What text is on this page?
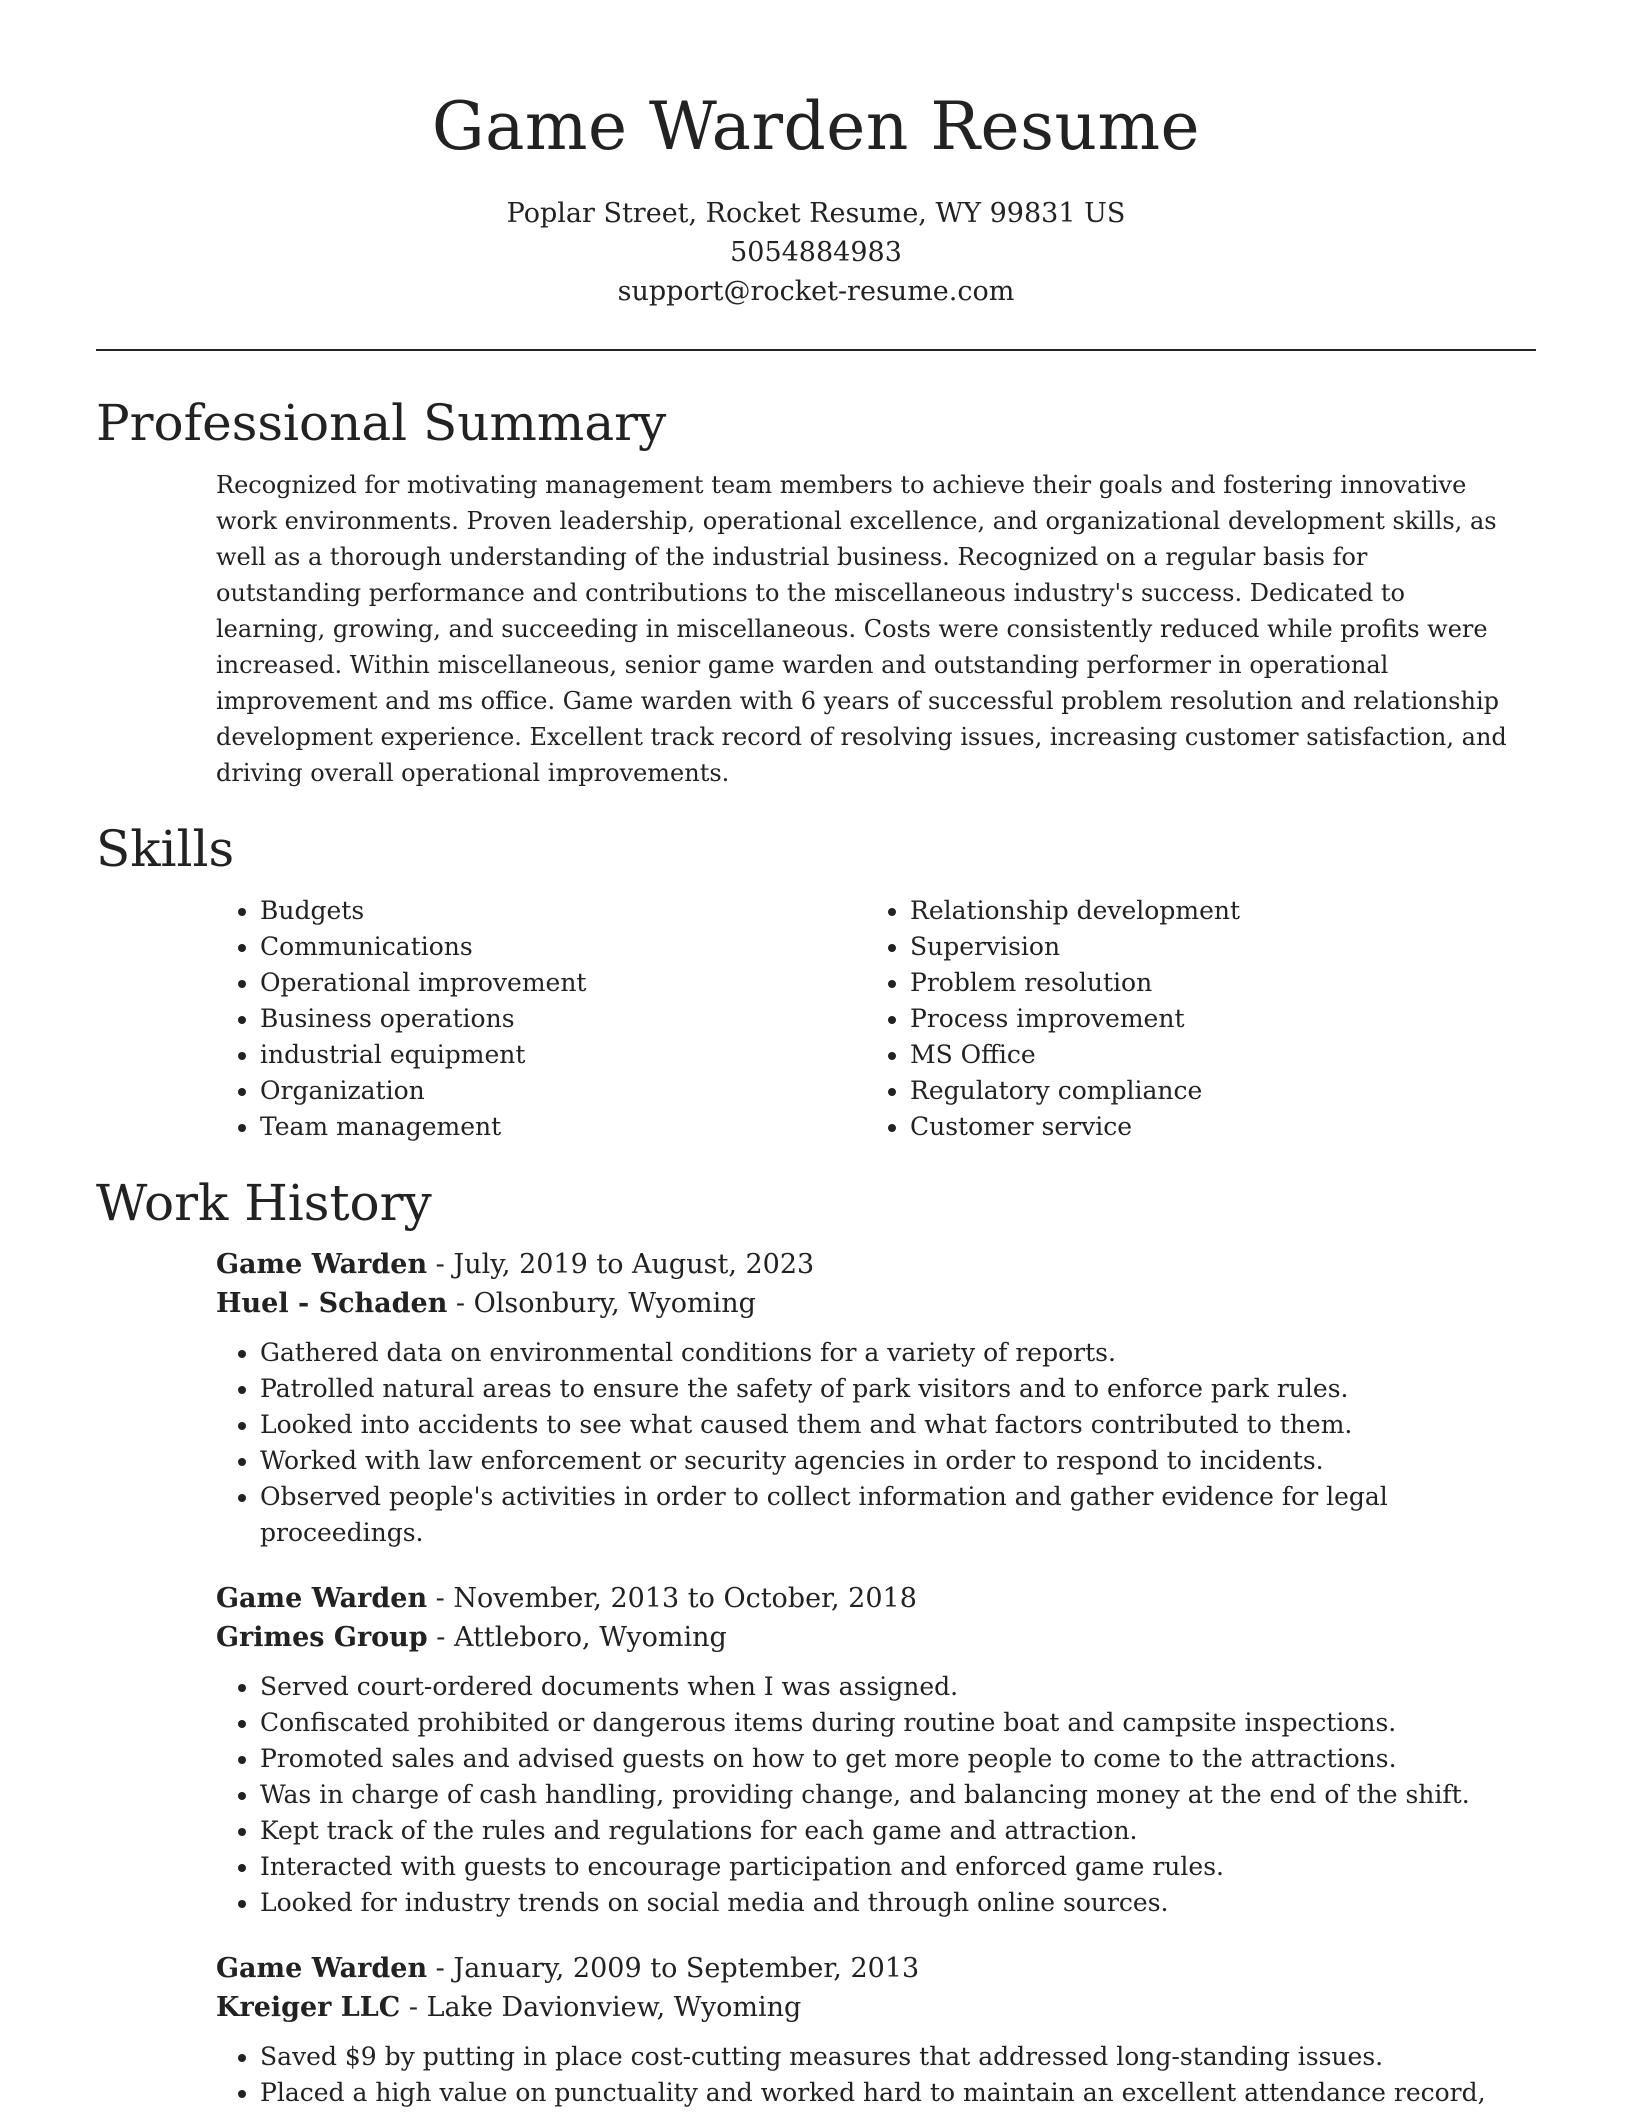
Game Warden Resume
Poplar Street, Rocket Resume, WY 99831 US
5054884983
support@rocket-resume.com
Professional Summary

Recognized for motivating management team members to achieve their goals and fostering innovative work environments. Proven leadership, operational excellence, and organizational development skills, as well as a thorough understanding of the industrial business. Recognized on a regular basis for outstanding performance and contributions to the miscellaneous industry's success. Dedicated to learning, growing, and succeeding in miscellaneous. Costs were consistently reduced while profits were increased. Within miscellaneous, senior game warden and outstanding performer in operational improvement and ms office. Game warden with 6 years of successful problem resolution and relationship development experience. Excellent track record of resolving issues, increasing customer satisfaction, and driving overall operational improvements.

Skills
• Budgets
• Communications
• Operational improvement
• Business operations
• industrial equipment
• Organization
• Team management
• Relationship development
• Supervision
• Problem resolution
• Process improvement
• MS Office
• Regulatory compliance
• Customer service
Work History
Game Warden - July, 2019 to August, 2023
Huel - Schaden - Olsonbury, Wyoming
• Gathered data on environmental conditions for a variety of reports.
• Patrolled natural areas to ensure the safety of park visitors and to enforce park rules.
• Looked into accidents to see what caused them and what factors contributed to them.
• Worked with law enforcement or security agencies in order to respond to incidents.
• Observed people's activities in order to collect information and gather evidence for legal proceedings.
Game Warden - November, 2013 to October, 2018
Grimes Group - Attleboro, Wyoming
• Served court-ordered documents when I was assigned.
• Confiscated prohibited or dangerous items during routine boat and campsite inspections.
• Promoted sales and advised guests on how to get more people to come to the attractions.
• Was in charge of cash handling, providing change, and balancing money at the end of the shift.
• Kept track of the rules and regulations for each game and attraction.
• Interacted with guests to encourage participation and enforced game rules.
• Looked for industry trends on social media and through online sources.
Game Warden - January, 2009 to September, 2013
Kreiger LLC - Lake Davionview, Wyoming
• Saved $9 by putting in place cost-cutting measures that addressed long-standing issues.
• Placed a high value on punctuality and worked hard to maintain an excellent attendance record,
